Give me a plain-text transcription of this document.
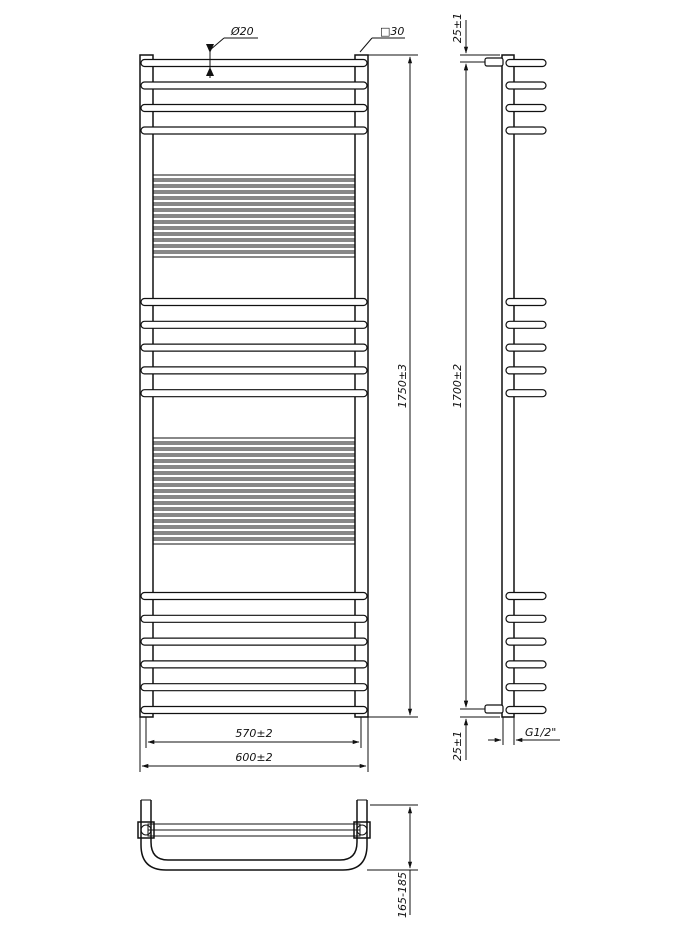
Ø20	□30
1750±3
570±2
600±2
25±1
1700±2
25±1	G1/2"
165-185
